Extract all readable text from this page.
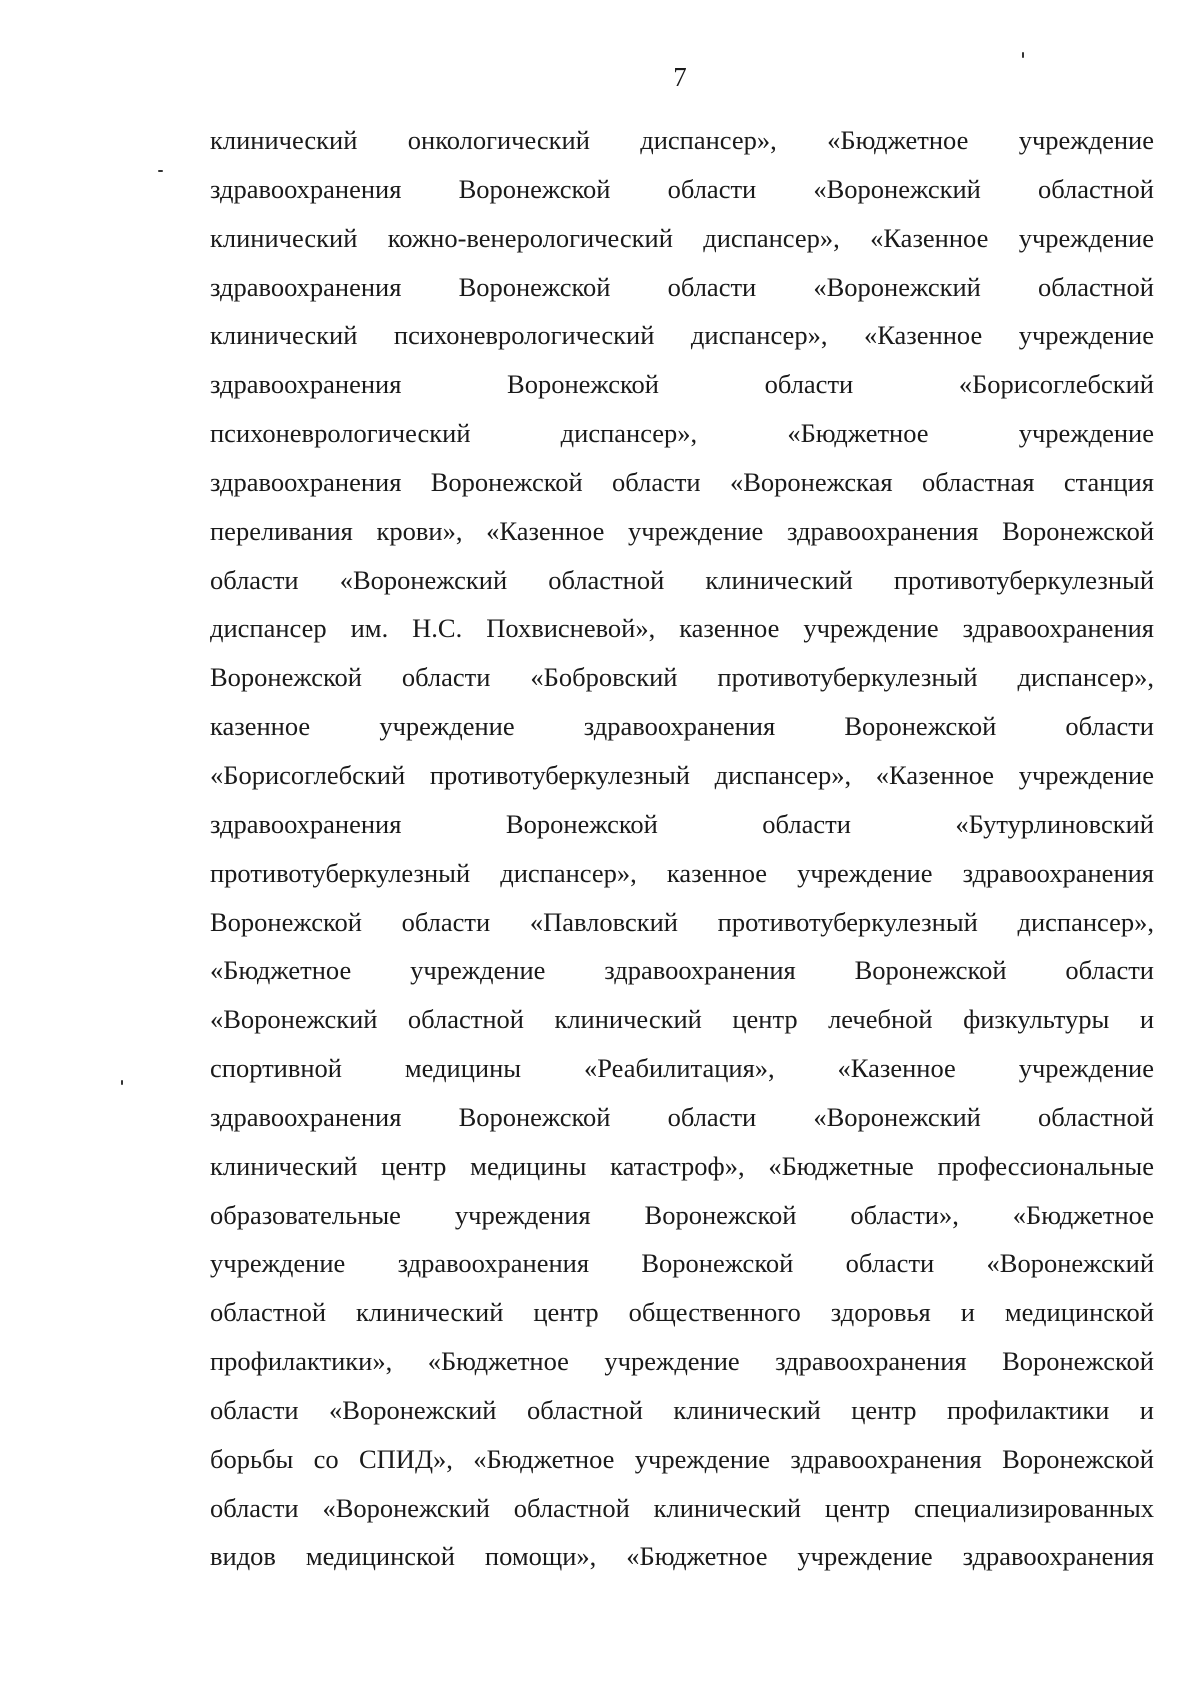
7
клинический онкологический диспансер», «Бюджетное учреждение
здравоохранения Воронежской области «Воронежский областной
клинический кожно-венерологический диспансер», «Казенное учреждение
здравоохранения Воронежской области «Воронежский областной
клинический психоневрологический диспансер», «Казенное учреждение
здравоохранения Воронежской области «Борисоглебский
психоневрологический диспансер», «Бюджетное учреждение
здравоохранения Воронежской области «Воронежская областная станция
переливания крови», «Казенное учреждение здравоохранения Воронежской
области «Воронежский областной клинический противотуберкулезный
диспансер им. Н.С. Похвисневой», казенное учреждение здравоохранения
Воронежской области «Бобровский противотуберкулезный диспансер»,
казенное учреждение здравоохранения Воронежской области
«Борисоглебский противотуберкулезный диспансер», «Казенное учреждение
здравоохранения Воронежской области «Бутурлиновский
противотуберкулезный диспансер», казенное учреждение здравоохранения
Воронежской области «Павловский противотуберкулезный диспансер»,
«Бюджетное учреждение здравоохранения Воронежской области
«Воронежский областной клинический центр лечебной физкультуры и
спортивной медицины «Реабилитация», «Казенное учреждение
здравоохранения Воронежской области «Воронежский областной
клинический центр медицины катастроф», «Бюджетные профессиональные
образовательные учреждения Воронежской области», «Бюджетное
учреждение здравоохранения Воронежской области «Воронежский
областной клинический центр общественного здоровья и медицинской
профилактики», «Бюджетное учреждение здравоохранения Воронежской
области «Воронежский областной клинический центр профилактики и
борьбы со СПИД», «Бюджетное учреждение здравоохранения Воронежской
области «Воронежский областной клинический центр специализированных
видов медицинской помощи», «Бюджетное учреждение здравоохранения
